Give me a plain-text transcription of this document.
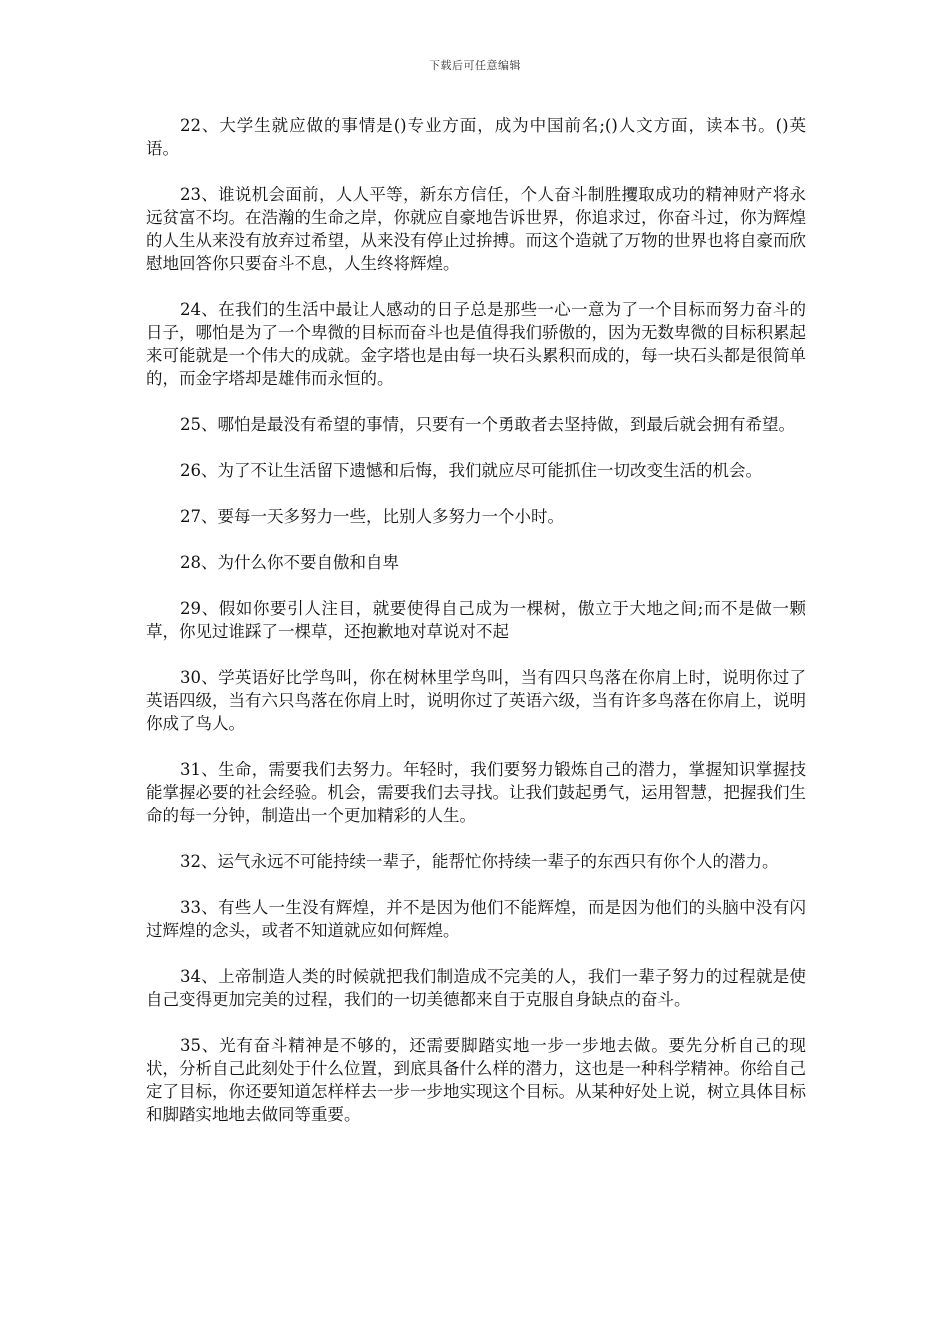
下载后可任意编辑

22、大学生就应做的事情是()专业方面，成为中国前名;()人文方面，读本书。()英语。

23、谁说机会面前，人人平等，新东方信任，个人奋斗制胜攫取成功的精神财产将永远贫富不均。在浩瀚的生命之岸，你就应自豪地告诉世界，你追求过，你奋斗过，你为辉煌的人生从来没有放弃过希望，从来没有停止过拚搏。而这个造就了万物的世界也将自豪而欣慰地回答你只要奋斗不息，人生终将辉煌。

24、在我们的生活中最让人感动的日子总是那些一心一意为了一个目标而努力奋斗的日子，哪怕是为了一个卑微的目标而奋斗也是值得我们骄傲的，因为无数卑微的目标积累起来可能就是一个伟大的成就。金字塔也是由每一块石头累积而成的，每一块石头都是很简单的，而金字塔却是雄伟而永恒的。

25、哪怕是最没有希望的事情，只要有一个勇敢者去坚持做，到最后就会拥有希望。

26、为了不让生活留下遗憾和后悔，我们就应尽可能抓住一切改变生活的机会。

27、要每一天多努力一些，比别人多努力一个小时。

28、为什么你不要自傲和自卑

29、假如你要引人注目，就要使得自己成为一棵树，傲立于大地之间;而不是做一颗草，你见过谁踩了一棵草，还抱歉地对草说对不起

30、学英语好比学鸟叫，你在树林里学鸟叫，当有四只鸟落在你肩上时，说明你过了英语四级，当有六只鸟落在你肩上时，说明你过了英语六级，当有许多鸟落在你肩上，说明你成了鸟人。

31、生命，需要我们去努力。年轻时，我们要努力锻炼自己的潜力，掌握知识掌握技能掌握必要的社会经验。机会，需要我们去寻找。让我们鼓起勇气，运用智慧，把握我们生命的每一分钟，制造出一个更加精彩的人生。

32、运气永远不可能持续一辈子，能帮忙你持续一辈子的东西只有你个人的潜力。

33、有些人一生没有辉煌，并不是因为他们不能辉煌，而是因为他们的头脑中没有闪过辉煌的念头，或者不知道就应如何辉煌。

34、上帝制造人类的时候就把我们制造成不完美的人，我们一辈子努力的过程就是使自己变得更加完美的过程，我们的一切美德都来自于克服自身缺点的奋斗。

35、光有奋斗精神是不够的，还需要脚踏实地一步一步地去做。要先分析自己的现状，分析自己此刻处于什么位置，到底具备什么样的潜力，这也是一种科学精神。你给自己定了目标，你还要知道怎样样去一步一步地实现这个目标。从某种好处上说，树立具体目标和脚踏实地地去做同等重要。
